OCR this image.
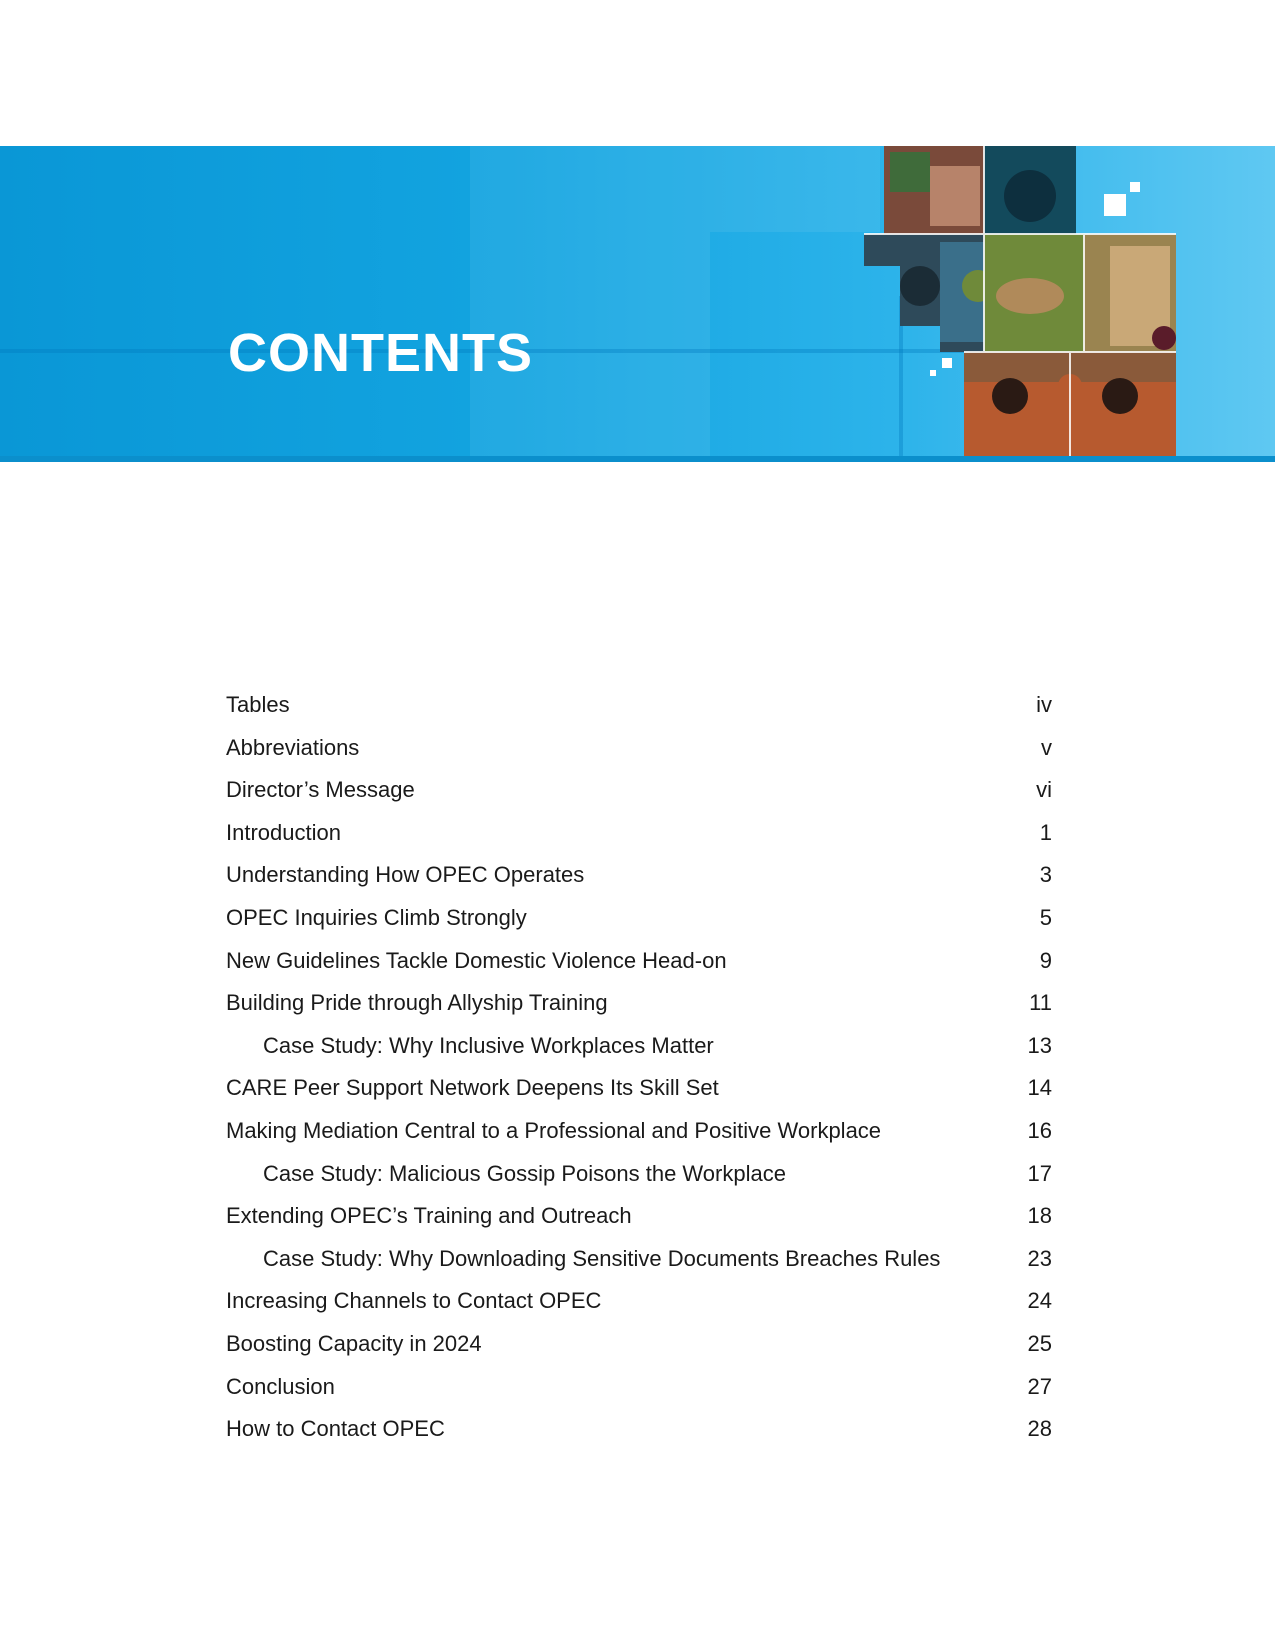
CONTENTS
Tables	iv
Abbreviations	v
Director’s Message	vi
Introduction	1
Understanding How OPEC Operates	3
OPEC Inquiries Climb Strongly	5
New Guidelines Tackle Domestic Violence Head-on	9
Building Pride through Allyship Training	11
Case Study: Why Inclusive Workplaces Matter	13
CARE Peer Support Network Deepens Its Skill Set	14
Making Mediation Central to a Professional and Positive Workplace	16
Case Study: Malicious Gossip Poisons the Workplace	17
Extending OPEC’s Training and Outreach	18
Case Study: Why Downloading Sensitive Documents Breaches Rules	23
Increasing Channels to Contact OPEC	24
Boosting Capacity in 2024	25
Conclusion	27
How to Contact OPEC	28
